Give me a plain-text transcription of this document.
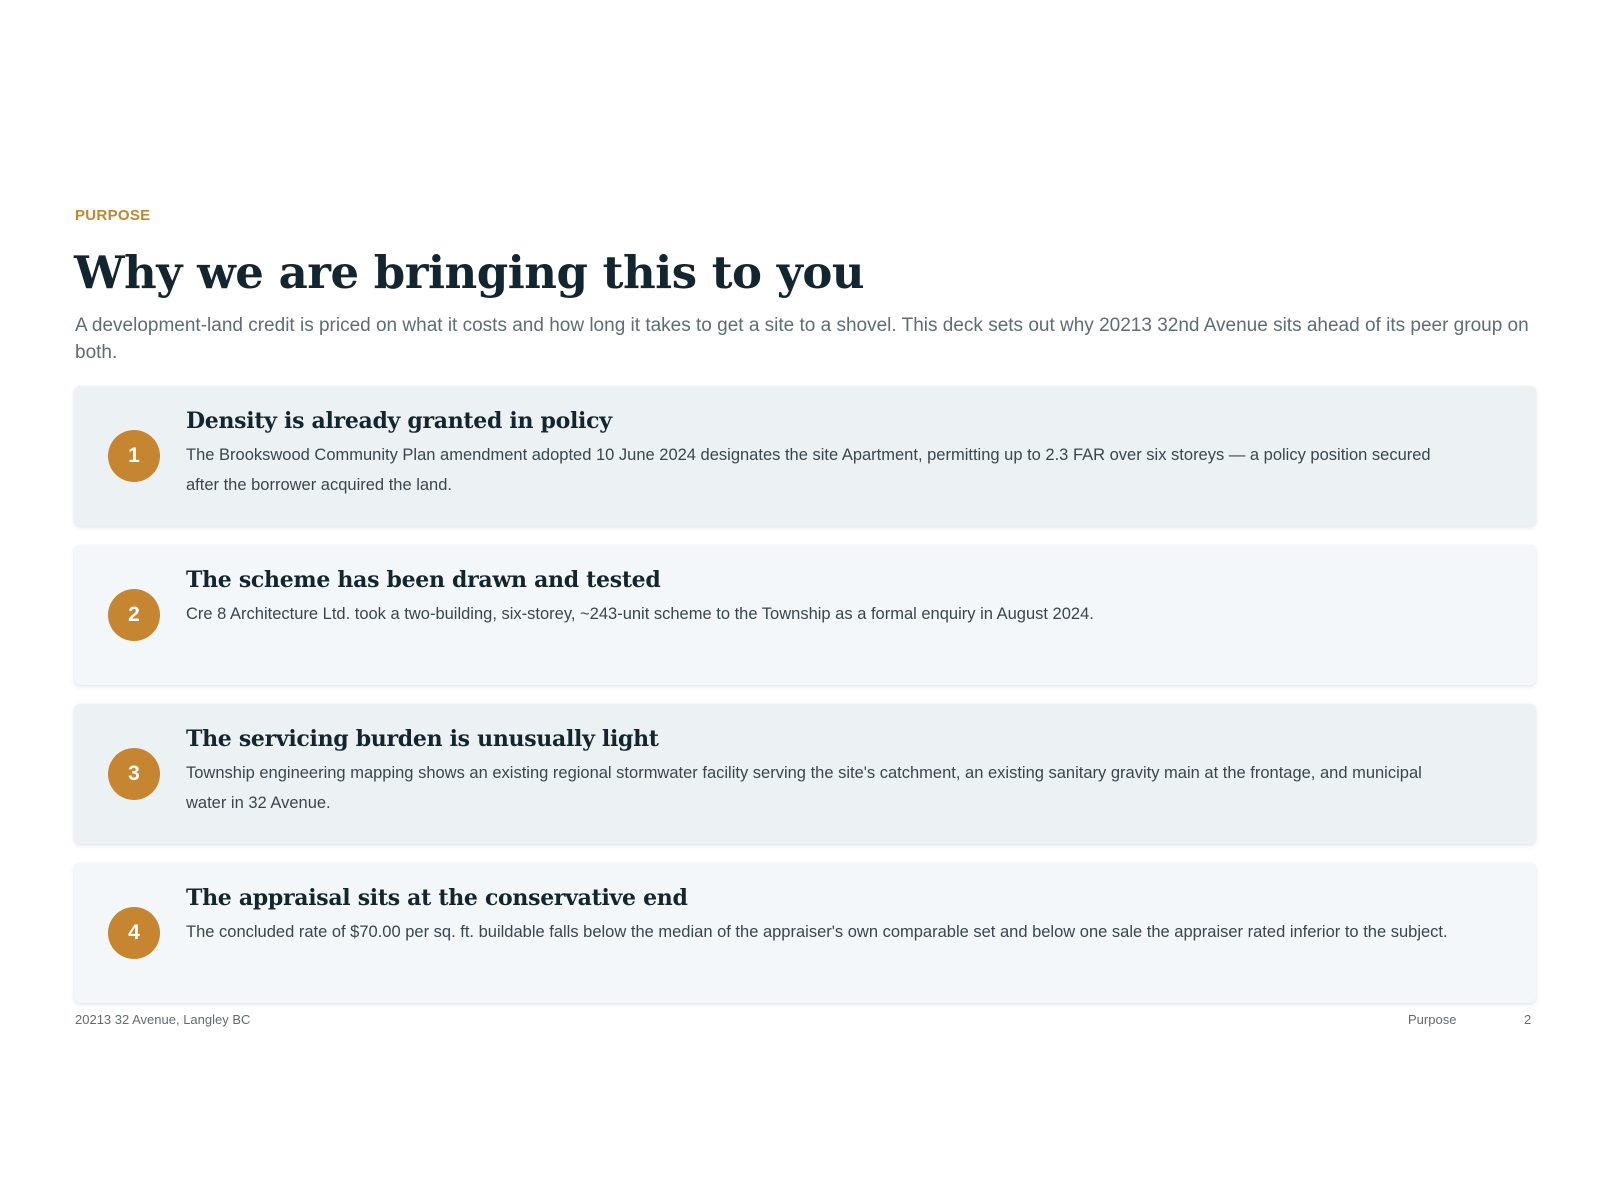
PURPOSE
Why we are bringing this to you

A development-land credit is priced on what it costs and how long it takes to get a site to a shovel. This deck sets out why 20213 32nd Avenue sits ahead of its peer group on both.

1
Density is already granted in policy

The Brookswood Community Plan amendment adopted 10 June 2024 designates the site Apartment, permitting up to 2.3 FAR over six storeys — a policy position secured after the borrower acquired the land.

2
The scheme has been drawn and tested

Cre 8 Architecture Ltd. took a two-building, six-storey, ~243-unit scheme to the Township as a formal enquiry in August 2024.

3
The servicing burden is unusually light

Township engineering mapping shows an existing regional stormwater facility serving the site's catchment, an existing sanitary gravity main at the frontage, and municipal water in 32 Avenue.

4
The appraisal sits at the conservative end

The concluded rate of $70.00 per sq. ft. buildable falls below the median of the appraiser's own comparable set and below one sale the appraiser rated inferior to the subject.

20213 32 Avenue, Langley BC	Purpose	2
